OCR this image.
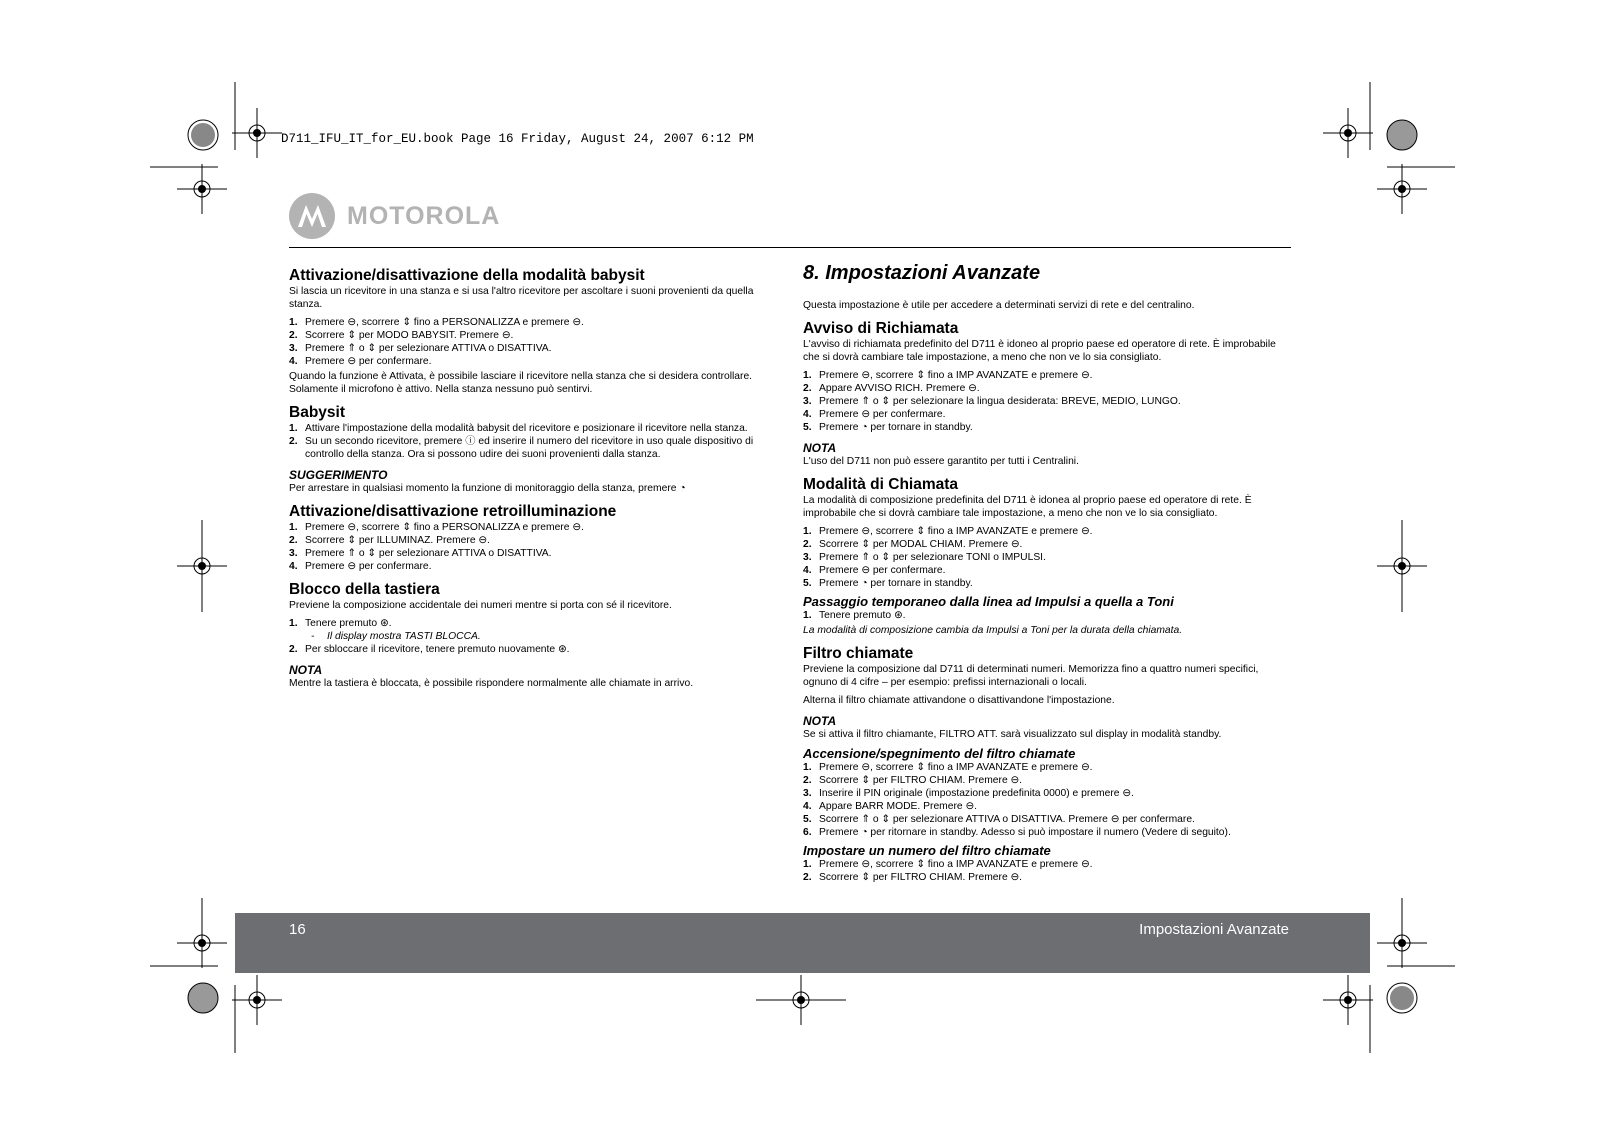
D711_IFU_IT_for_EU.book Page 16 Friday, August 24, 2007 6:12 PM
MOTOROLA
Attivazione/disattivazione della modalità babysit

Si lascia un ricevitore in una stanza e si usa l'altro ricevitore per ascoltare i suoni provenienti da quella stanza.

1. Premere ⊖, scorrere ⇕ fino a PERSONALIZZA e premere ⊖.
2. Scorrere ⇕ per MODO BABYSIT. Premere ⊖.
3. Premere ⇑ o ⇕ per selezionare ATTIVA o DISATTIVA.
4. Premere ⊖ per confermare.

Quando la funzione è Attivata, è possibile lasciare il ricevitore nella stanza che si desidera controllare. Solamente il microfono è attivo. Nella stanza nessuno può sentirvi.

Babysit
1. Attivare l'impostazione della modalità babysit del ricevitore e posizionare il ricevitore nella stanza.
2. Su un secondo ricevitore, premere ⓘ ed inserire il numero del ricevitore in uso quale dispositivo di controllo della stanza. Ora si possono udire dei suoni provenienti dalla stanza.
SUGGERIMENTO

Per arrestare in qualsiasi momento la funzione di monitoraggio della stanza, premere ◔

Attivazione/disattivazione retroilluminazione
1. Premere ⊖, scorrere ⇕ fino a PERSONALIZZA e premere ⊖.
2. Scorrere ⇕ per ILLUMINAZ. Premere ⊖.
3. Premere ⇑ o ⇕ per selezionare ATTIVA o DISATTIVA.
4. Premere ⊖ per confermare.
Blocco della tastiera

Previene la composizione accidentale dei numeri mentre si porta con sé il ricevitore.

1. Tenere premuto ⊛.
- Il display mostra TASTI BLOCCA.
2. Per sbloccare il ricevitore, tenere premuto nuovamente ⊛.
NOTA

Mentre la tastiera è bloccata, è possibile rispondere normalmente alle chiamate in arrivo.

8. Impostazioni Avanzate

Questa impostazione è utile per accedere a determinati servizi di rete e del centralino.

Avviso di Richiamata

L'avviso di richiamata predefinito del D711 è idoneo al proprio paese ed operatore di rete. È improbabile che si dovrà cambiare tale impostazione, a meno che non ve lo sia consigliato.

1. Premere ⊖, scorrere ⇕ fino a IMP AVANZATE e premere ⊖.
2. Appare AVVISO RICH. Premere ⊖.
3. Premere ⇑ o ⇕ per selezionare la lingua desiderata: BREVE, MEDIO, LUNGO.
4. Premere ⊖ per confermare.
5. Premere ◔ per tornare in standby.
NOTA

L'uso del D711 non può essere garantito per tutti i Centralini.

Modalità di Chiamata

La modalità di composizione predefinita del D711 è idonea al proprio paese ed operatore di rete. È improbabile che si dovrà cambiare tale impostazione, a meno che non ve lo sia consigliato.

1. Premere ⊖, scorrere ⇕ fino a IMP AVANZATE e premere ⊖.
2. Scorrere ⇕ per MODAL CHIAM. Premere ⊖.
3. Premere ⇑ o ⇕ per selezionare TONI o IMPULSI.
4. Premere ⊖ per confermare.
5. Premere ◔ per tornare in standby.
Passaggio temporaneo dalla linea ad Impulsi a quella a Toni
1. Tenere premuto ⊛.

La modalità di composizione cambia da Impulsi a Toni per la durata della chiamata.

Filtro chiamate

Previene la composizione dal D711 di determinati numeri. Memorizza fino a quattro numeri specifici, ognuno di 4 cifre – per esempio: prefissi internazionali o locali.

Alterna il filtro chiamate attivandone o disattivandone l'impostazione.

NOTA

Se si attiva il filtro chiamante, FILTRO ATT. sarà visualizzato sul display in modalità standby.

Accensione/spegnimento del filtro chiamate
1. Premere ⊖, scorrere ⇕ fino a IMP AVANZATE e premere ⊖.
2. Scorrere ⇕ per FILTRO CHIAM. Premere ⊖.
3. Inserire il PIN originale (impostazione predefinita 0000) e premere ⊖.
4. Appare BARR MODE. Premere ⊖.
5. Scorrere ⇑ o ⇕ per selezionare ATTIVA o DISATTIVA. Premere ⊖ per confermare.
6. Premere ◔ per ritornare in standby. Adesso si può impostare il numero (Vedere di seguito).
Impostare un numero del filtro chiamate
1. Premere ⊖, scorrere ⇕ fino a IMP AVANZATE e premere ⊖.
2. Scorrere ⇕ per FILTRO CHIAM. Premere ⊖.
16	Impostazioni Avanzate
